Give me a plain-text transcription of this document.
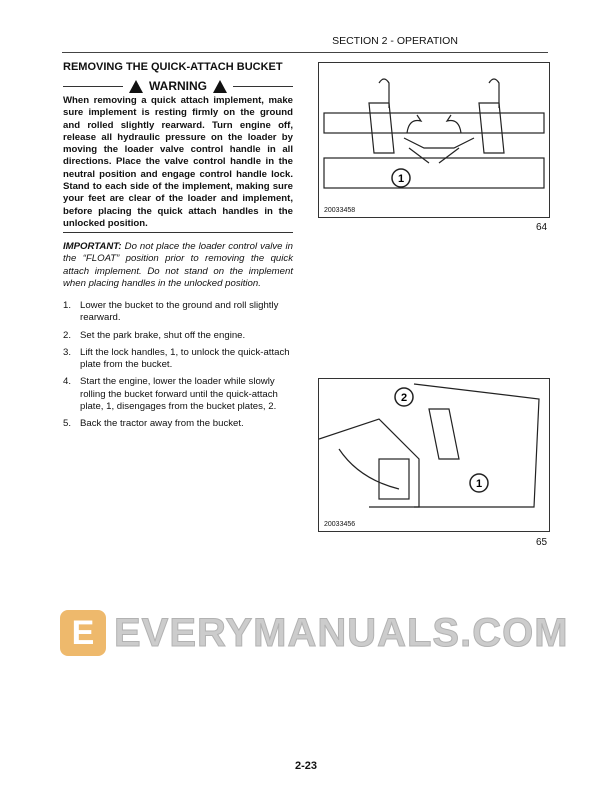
SECTION 2 - OPERATION
REMOVING THE QUICK-ATTACH BUCKET
WARNING
When removing a quick attach implement, make sure implement is resting firmly on the ground and rolled slightly rearward. Turn engine off, release all hydraulic pressure on the loader by moving the loader valve control handle in all directions. Place the valve control handle in the neutral position and engage control handle lock. Stand to each side of the implement, making sure your feet are clear of the loader and implement, before placing the quick attach handles in the unlocked position.
IMPORTANT: Do not place the loader control valve in the “FLOAT” position prior to removing the quick attach implement. Do not stand on the implement when placing handles in the unlocked position.
1. Lower the bucket to the ground and roll slightly rearward.
2. Set the park brake, shut off the engine.
3. Lift the lock handles, 1, to unlock the quick-attach plate from the bucket.
4. Start the engine, lower the loader while slowly rolling the bucket forward until the quick-attach plate, 1, disengages from the bucket plates, 2.
5. Back the tractor away from the bucket.
1
20033458
64
2
1
20033456
65
E EVERYMANUALS.COM
2-23
